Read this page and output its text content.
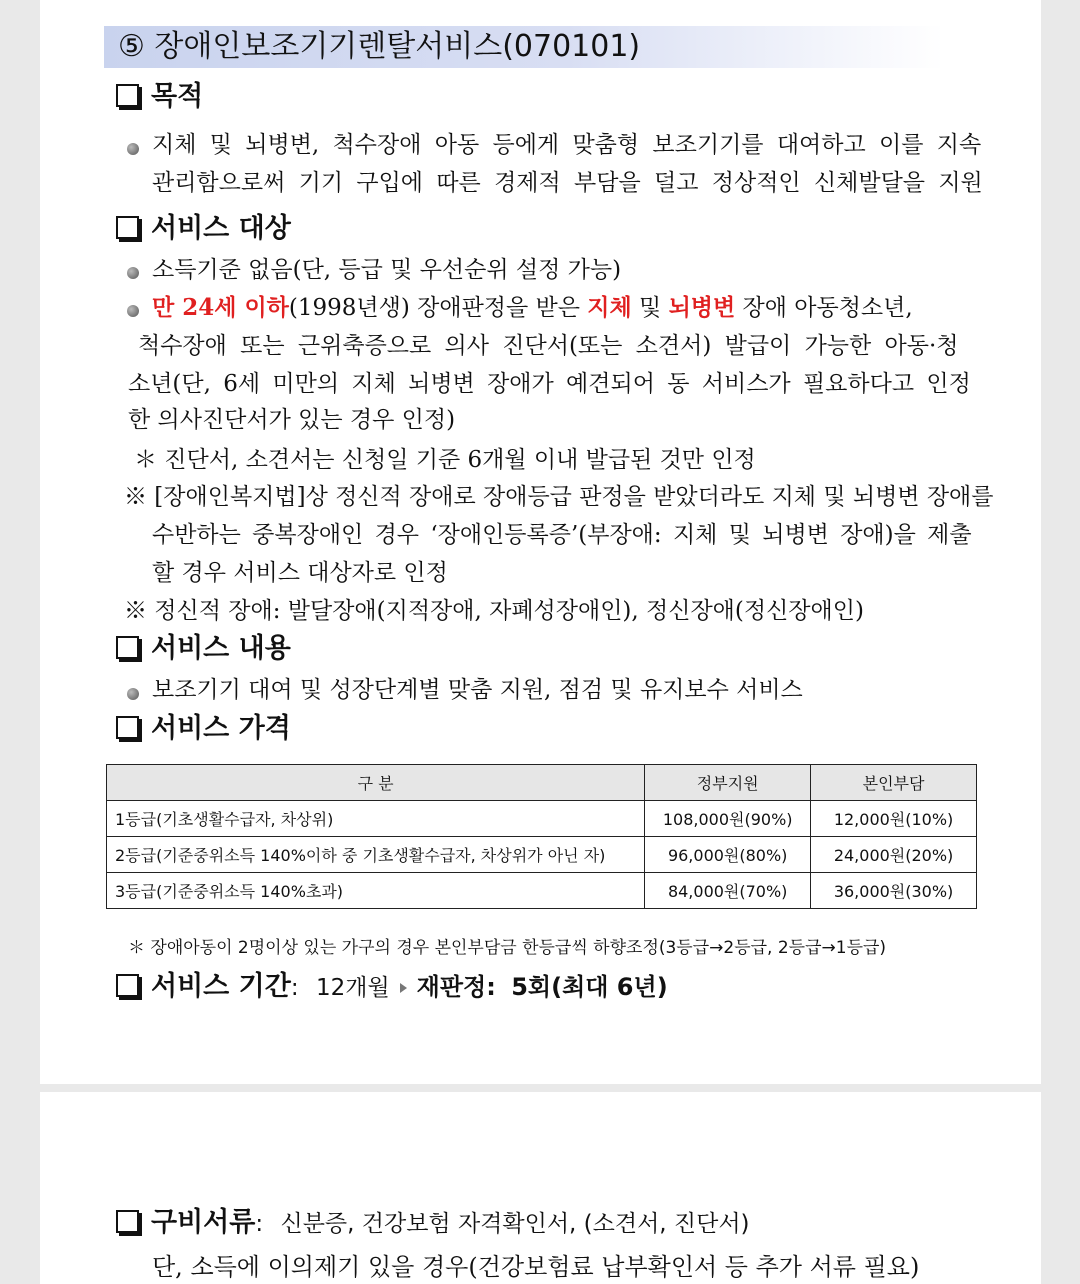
⑤ 장애인보조기기렌탈서비스(070101)
목적
지체 및 뇌병변, 척수장애 아동 등에게 맞춤형 보조기기를 대여하고 이를 지속
관리함으로써 기기 구입에 따른 경제적 부담을 덜고 정상적인 신체발달을 지원
서비스 대상
소득기준 없음(단, 등급 및 우선순위 설정 가능)
만 24세 이하(1998년생) 장애판정을 받은 지체 및 뇌병변 장애 아동청소년,
척수장애 또는 근위축증으로 의사 진단서(또는 소견서) 발급이 가능한 아동·청
소년(단, 6세 미만의 지체 뇌병변 장애가 예견되어 동 서비스가 필요하다고 인정
한 의사진단서가 있는 경우 인정)
＊ 진단서, 소견서는 신청일 기준 6개월 이내 발급된 것만 인정
※ [장애인복지법]상 정신적 장애로 장애등급 판정을 받았더라도 지체 및 뇌병변 장애를
수반하는 중복장애인 경우 ‘장애인등록증’(부장애: 지체 및 뇌병변 장애)을 제출
할 경우 서비스 대상자로 인정
※ 정신적 장애: 발달장애(지적장애, 자폐성장애인), 정신장애(정신장애인)
서비스 내용
보조기기 대여 및 성장단계별 맞춤 지원, 점검 및 유지보수 서비스
서비스 가격
구 분	정부지원	본인부담
1등급(기초생활수급자, 차상위)	108,000원(90%)	12,000원(10%)
2등급(기준중위소득 140%이하 중 기초생활수급자, 차상위가 아닌 자)	96,000원(80%)	24,000원(20%)
3등급(기준중위소득 140%초과)	84,000원(70%)	36,000원(30%)
＊ 장애아동이 2명이상 있는 가구의 경우 본인부담금 한등급씩 하향조정(3등급→2등급, 2등급→1등급)
서비스 기간: 12개월 재판정: 5회(최대 6년)
구비서류: 신분증, 건강보험 자격확인서, (소견서, 진단서)
단, 소득에 이의제기 있을 경우(건강보험료 납부확인서 등 추가 서류 필요)
